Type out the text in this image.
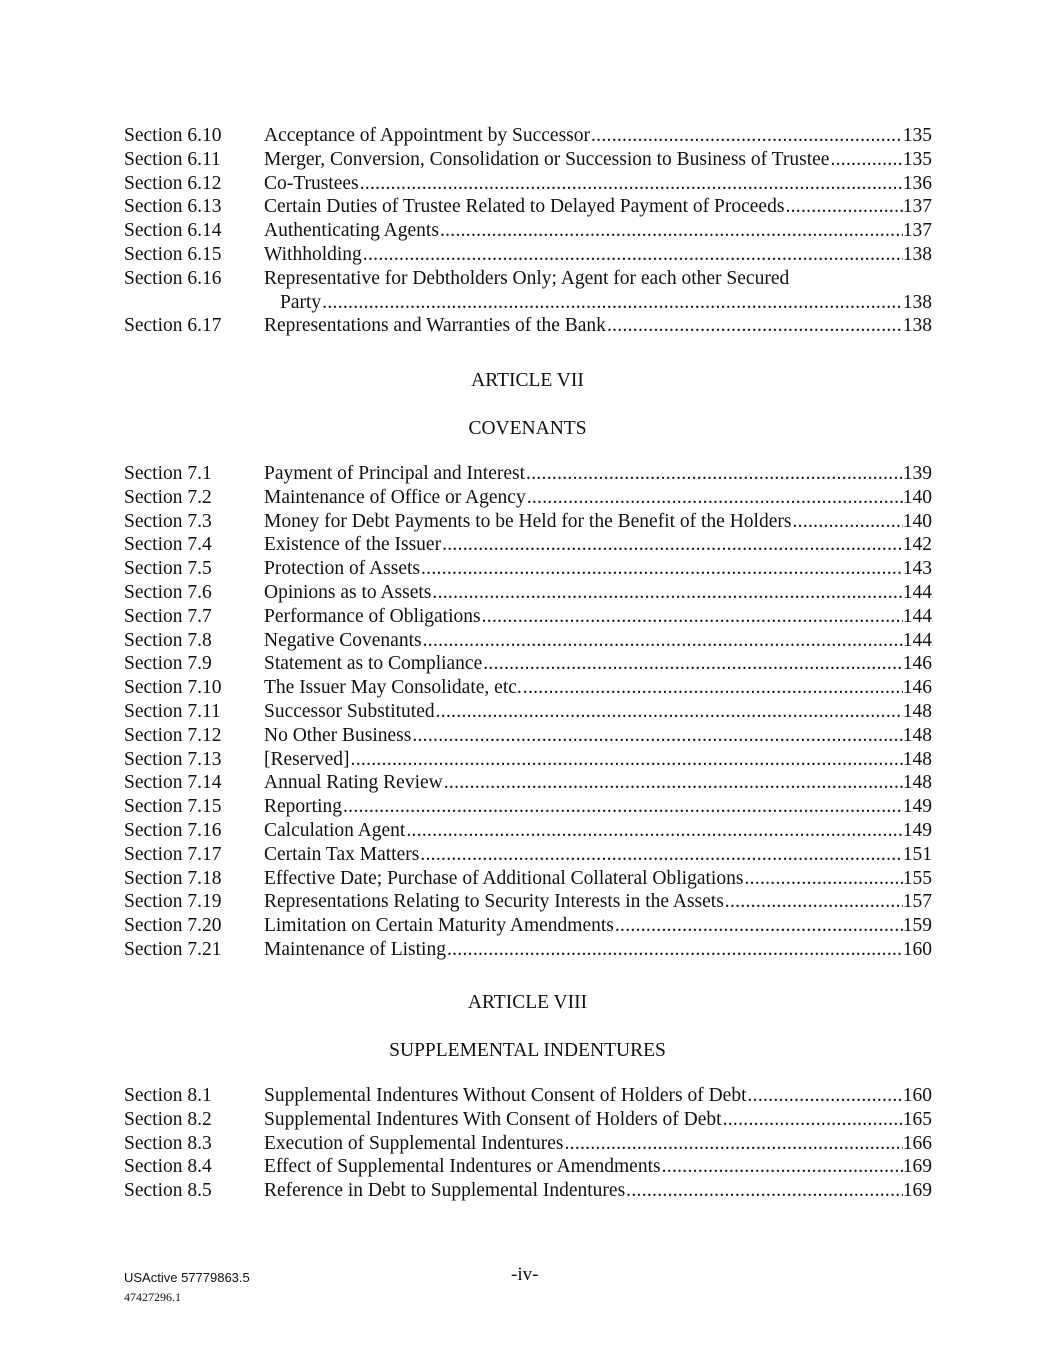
Section 6.10 Acceptance of Appointment by Successor .....	135
Section 6.11 Merger, Conversion, Consolidation or Succession to Business of Trustee .....	135
Section 6.12 Co-Trustees .....	136
Section 6.13 Certain Duties of Trustee Related to Delayed Payment of Proceeds .....	137
Section 6.14 Authenticating Agents .....	137
Section 6.15 Withholding .....	138
Section 6.16 Representative for Debtholders Only; Agent for each other Secured
Party .....	138
Section 6.17 Representations and Warranties of the Bank .....	138
ARTICLE VII
COVENANTS
Section 7.1	Payment of Principal and Interest .....	139
Section 7.2	Maintenance of Office or Agency .....	140
Section 7.3	Money for Debt Payments to be Held for the Benefit of the Holders .....	140
Section 7.4	Existence of the Issuer .....	142
Section 7.5	Protection of Assets .....	143
Section 7.6	Opinions as to Assets .....	144
Section 7.7	Performance of Obligations .....	144
Section 7.8	Negative Covenants .....	144
Section 7.9	Statement as to Compliance .....	146
Section 7.10 The Issuer May Consolidate, etc. .....	146
Section 7.11 Successor Substituted .....	148
Section 7.12 No Other Business .....	148
Section 7.13 [Reserved] .....	148
Section 7.14 Annual Rating Review .....	148
Section 7.15 Reporting .....	149
Section 7.16 Calculation Agent .....	149
Section 7.17 Certain Tax Matters .....	151
Section 7.18 Effective Date; Purchase of Additional Collateral Obligations .....	155
Section 7.19 Representations Relating to Security Interests in the Assets .....	157
Section 7.20 Limitation on Certain Maturity Amendments .....	159
Section 7.21 Maintenance of Listing .....	160
ARTICLE VIII
SUPPLEMENTAL INDENTURES
Section 8.1	Supplemental Indentures Without Consent of Holders of Debt .....	160
Section 8.2	Supplemental Indentures With Consent of Holders of Debt .....	165
Section 8.3	Execution of Supplemental Indentures .....	166
Section 8.4	Effect of Supplemental Indentures or Amendments .....	169
Section 8.5	Reference in Debt to Supplemental Indentures .....	169
USActive 57779863.5
47427296.1
-iv-
